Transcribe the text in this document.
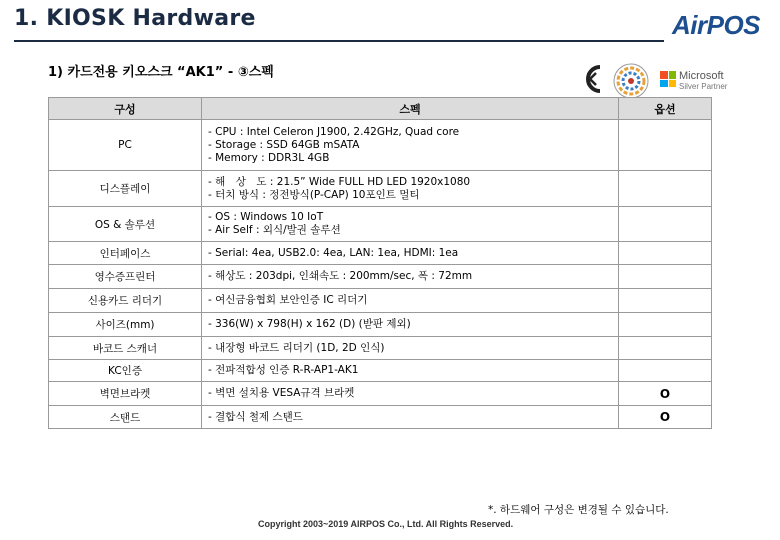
1. KIOSK Hardware	AirPOS
1) 카드전용 키오스크 “AK1” - ③스펙	Microsoft
Silver Partner
구성	스펙	옵션
PC	- CPU : Intel Celeron J1900, 2.42GHz, Quad core
- Storage : SSD 64GB mSATA
- Memory : DDR3L 4GB	

디스플레이	- 해　상　도 : 21.5” Wide FULL HD LED 1920x1080
- 터치 방식 : 정전방식(P-CAP) 10포인트 멀티	

OS & 솔루션	- OS : Windows 10 IoT
- Air Self : 외식/발권 솔루션	

인터페이스	- Serial: 4ea, USB2.0: 4ea, LAN: 1ea, HDMI: 1ea	

영수증프린터	- 해상도 : 203dpi, 인쇄속도 : 200mm/sec, 폭 : 72mm	

신용카드 리더기	- 여신금융협회 보안인증 IC 리더기	

사이즈(mm)	- 336(W) x 798(H) x 162 (D) (받판 제외)	

바코드 스캐너	- 내장형 바코드 리더기 (1D, 2D 인식)	

KC인증	- 전파적합성 인증 R-R-AP1-AK1	

벽면브라켓	- 벽면 설치용 VESA규격 브라켓	O
스탠드	- 결합식 철제 스탠드	O
*. 하드웨어 구성은 변경될 수 있습니다.
Copyright 2003~2019 AIRPOS Co., Ltd. All Rights Reserved.
